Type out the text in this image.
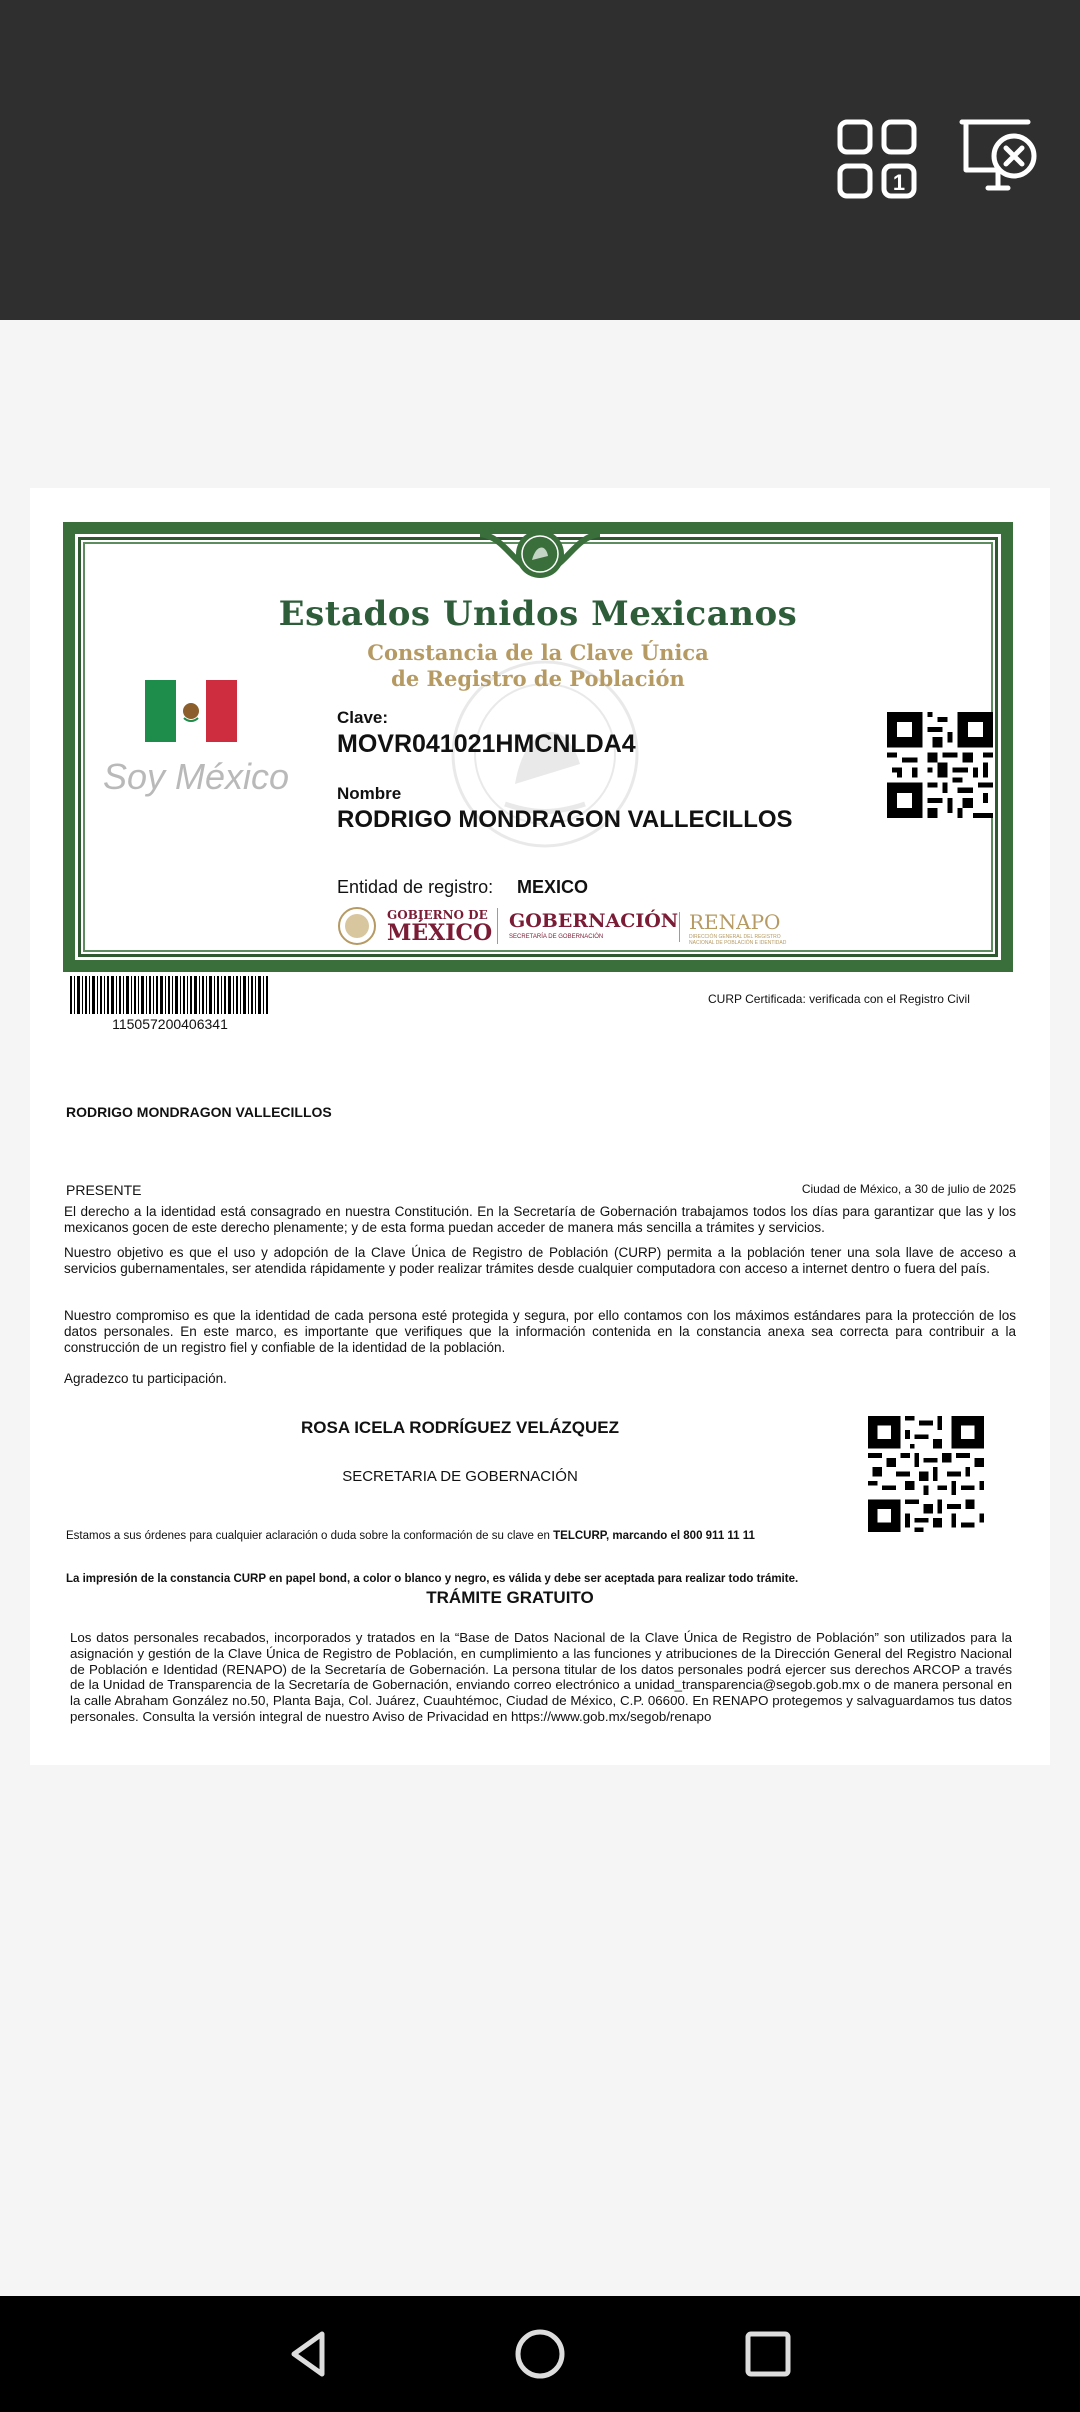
1
Estados Unidos Mexicanos
Constancia de la Clave Única
de Registro de Población
Soy México
Clave:
MOVR041021HMCNLDA4
Nombre
RODRIGO MONDRAGON VALLECILLOS
Entidad de registro: MEXICO
GOBIERNO DE
MÉXICO GOBERNACIÓN
SECRETARÍA DE GOBERNACIÓN
RENAPO
DIRECCIÓN GENERAL DEL REGISTRO NACIONAL DE POBLACIÓN E IDENTIDAD
115057200406341
CURP Certificada: verificada con el Registro Civil
RODRIGO MONDRAGON VALLECILLOS
PRESENTE	Ciudad de México, a 30 de julio de 2025
El derecho a la identidad está consagrado en nuestra Constitución. En la Secretaría de Gobernación trabajamos todos los días para garantizar que las y los mexicanos gocen de este derecho plenamente; y de esta forma puedan acceder de manera más sencilla a trámites y servicios.
Nuestro objetivo es que el uso y adopción de la Clave Única de Registro de Población (CURP) permita a la población tener una sola llave de acceso a servicios gubernamentales, ser atendida rápidamente y poder realizar trámites desde cualquier computadora con acceso a internet dentro o fuera del país.
Nuestro compromiso es que la identidad de cada persona esté protegida y segura, por ello contamos con los máximos estándares para la protección de los datos personales. En este marco, es importante que verifiques que la información contenida en la constancia anexa sea correcta para contribuir a la construcción de un registro fiel y confiable de la identidad de la población.
Agradezco tu participación.
ROSA ICELA RODRÍGUEZ VELÁZQUEZ
SECRETARIA DE GOBERNACIÓN
Estamos a sus órdenes para cualquier aclaración o duda sobre la conformación de su clave en TELCURP, marcando el 800 911 11 11
La impresión de la constancia CURP en papel bond, a color o blanco y negro, es válida y debe ser aceptada para realizar todo trámite.
TRÁMITE GRATUITO
Los datos personales recabados, incorporados y tratados en la “Base de Datos Nacional de la Clave Única de Registro de Población” son utilizados para la asignación y gestión de la Clave Única de Registro de Población, en cumplimiento a las funciones y atribuciones de la Dirección General del Registro Nacional de Población e Identidad (RENAPO) de la Secretaría de Gobernación. La persona titular de los datos personales podrá ejercer sus derechos ARCOP a través de la Unidad de Transparencia de la Secretaría de Gobernación, enviando correo electrónico a unidad_transparencia@segob.gob.mx o de manera personal en la calle Abraham González no.50, Planta Baja, Col. Juárez, Cuauhtémoc, Ciudad de México, C.P. 06600. En RENAPO protegemos y salvaguardamos tus datos personales. Consulta la versión integral de nuestro Aviso de Privacidad en https://www.gob.mx/segob/renapo
